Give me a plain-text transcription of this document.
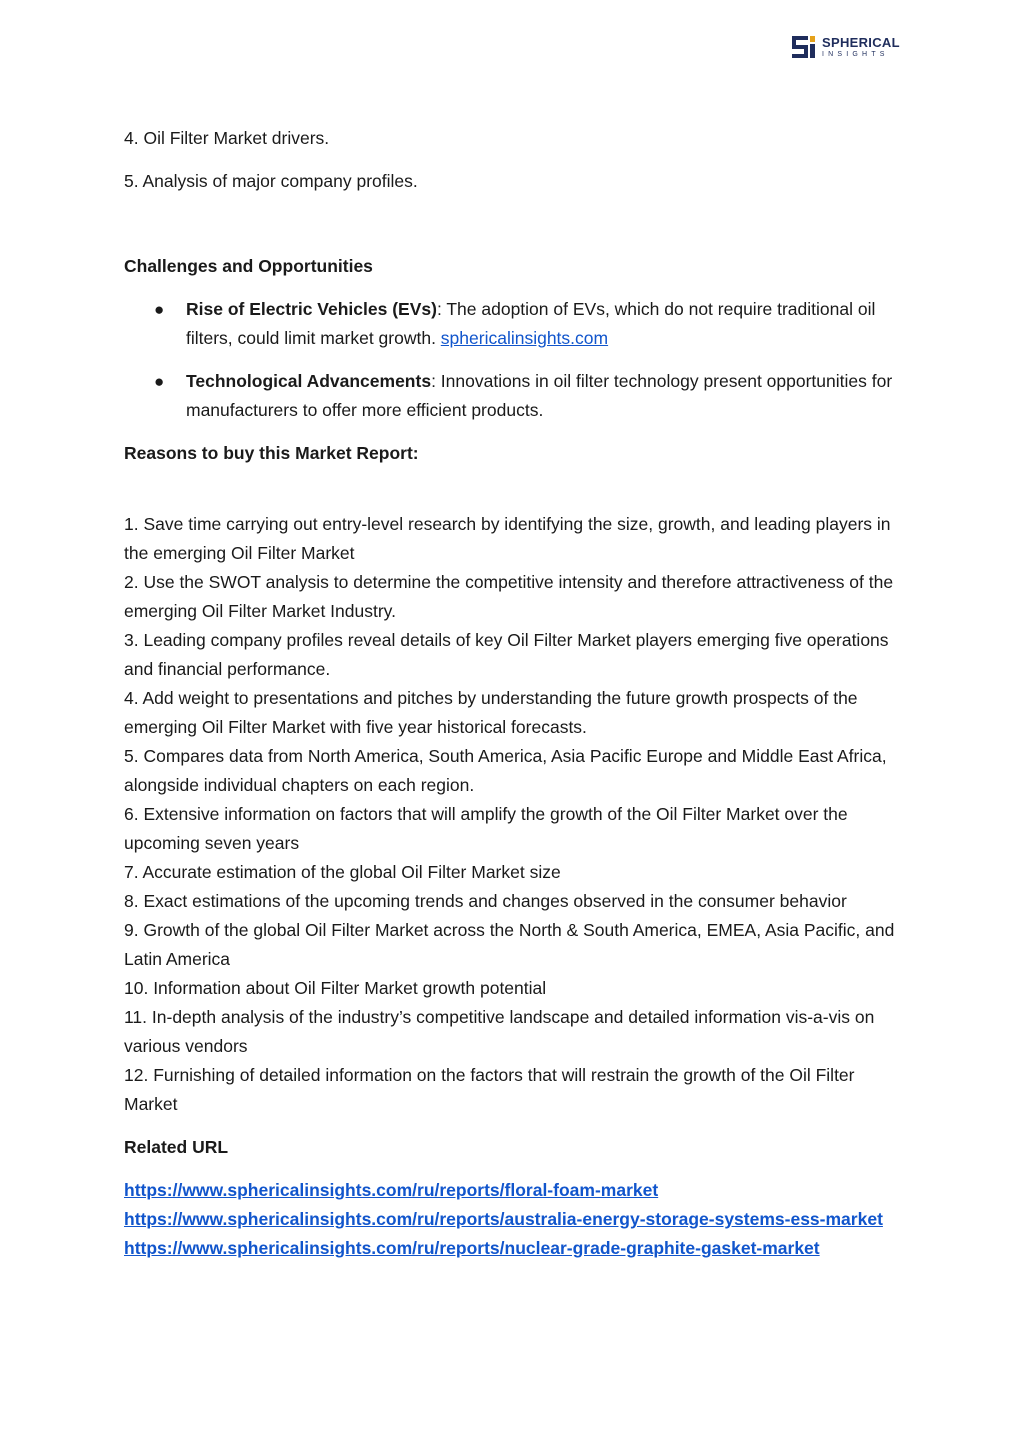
SPHERICAL
INSIGHTS

4. Oil Filter Market drivers.

5. Analysis of major company profiles.

Challenges and Opportunities

● Rise of Electric Vehicles (EVs): The adoption of EVs, which do not require traditional oil filters, could limit market growth. sphericalinsights.com
● Technological Advancements: Innovations in oil filter technology present opportunities for manufacturers to offer more efficient products.

Reasons to buy this Market Report:

1. Save time carrying out entry-level research by identifying the size, growth, and leading players in the emerging Oil Filter Market

2. Use the SWOT analysis to determine the competitive intensity and therefore attractiveness of the emerging Oil Filter Market Industry.

3. Leading company profiles reveal details of key Oil Filter Market players emerging five operations and financial performance.

4. Add weight to presentations and pitches by understanding the future growth prospects of the emerging Oil Filter Market with five year historical forecasts.

5. Compares data from North America, South America, Asia Pacific Europe and Middle East Africa, alongside individual chapters on each region.

6. Extensive information on factors that will amplify the growth of the Oil Filter Market over the upcoming seven years

7. Accurate estimation of the global Oil Filter Market size

8. Exact estimations of the upcoming trends and changes observed in the consumer behavior

9. Growth of the global Oil Filter Market across the North & South America, EMEA, Asia Pacific, and Latin America

10. Information about Oil Filter Market growth potential

11. In-depth analysis of the industry’s competitive landscape and detailed information vis-a-vis on various vendors

12. Furnishing of detailed information on the factors that will restrain the growth of the Oil Filter Market

Related URL

https://www.sphericalinsights.com/ru/reports/floral-foam-market
https://www.sphericalinsights.com/ru/reports/australia-energy-storage-systems-ess-market
https://www.sphericalinsights.com/ru/reports/nuclear-grade-graphite-gasket-market
